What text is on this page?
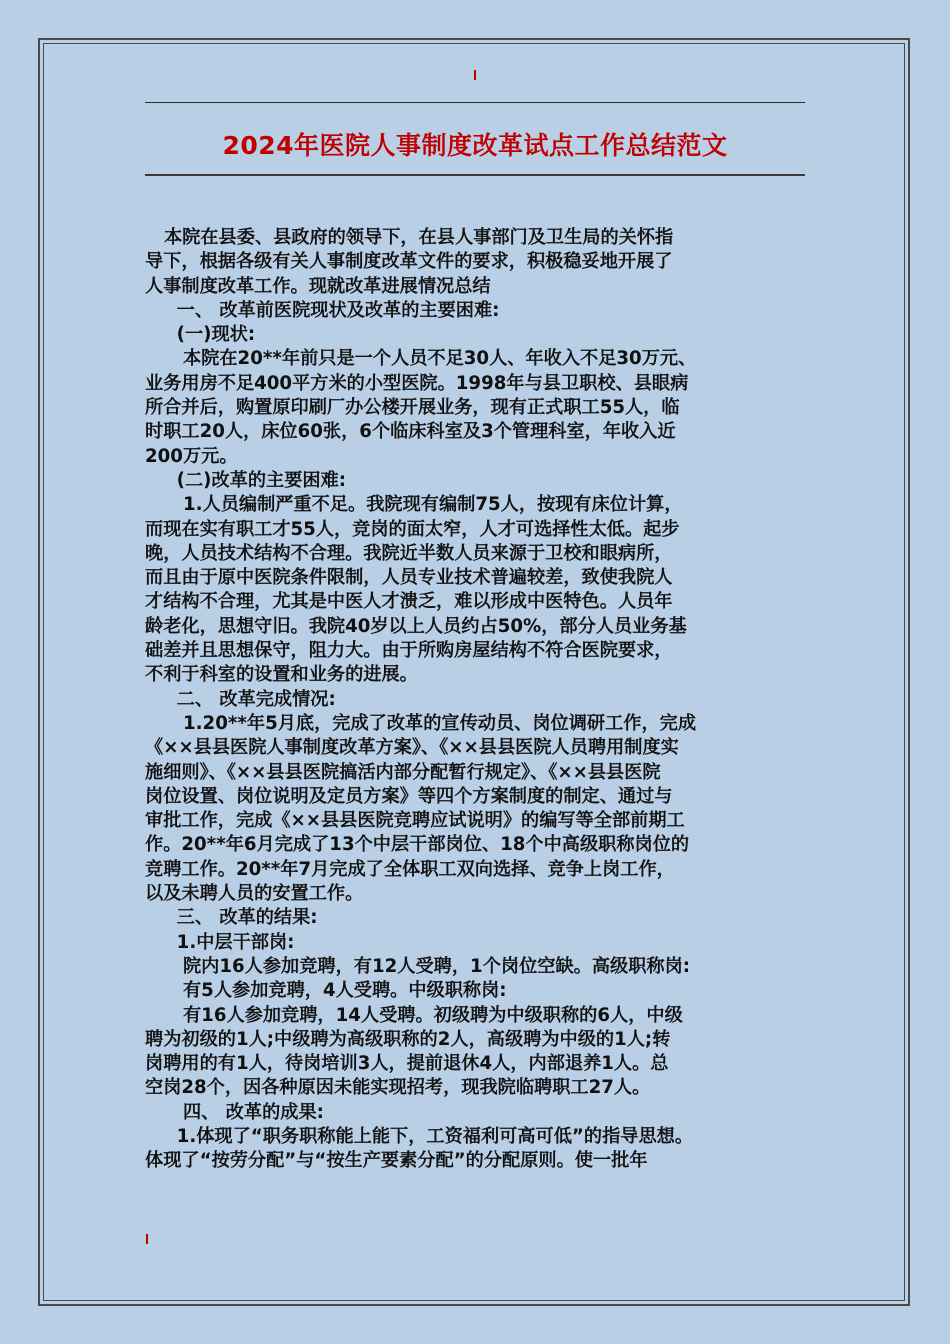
2024年医院人事制度改革试点工作总结范文
本院在县委、县政府的领导下，在县人事部门及卫生局的关怀指
导下，根据各级有关人事制度改革文件的要求，积极稳妥地开展了
人事制度改革工作。现就改革进展情况总结
一、 改革前医院现状及改革的主要困难:
(一)现状:
本院在20**年前只是一个人员不足30人、年收入不足30万元、
业务用房不足400平方米的小型医院。1998年与县卫职校、县眼病
所合并后，购置原印刷厂办公楼开展业务，现有正式职工55人，临
时职工20人，床位60张，6个临床科室及3个管理科室，年收入近
200万元。
(二)改革的主要困难:
1.人员编制严重不足。我院现有编制75人，按现有床位计算，
而现在实有职工才55人，竞岗的面太窄，人才可选择性太低。起步
晚，人员技术结构不合理。我院近半数人员来源于卫校和眼病所，
而且由于原中医院条件限制，人员专业技术普遍较差，致使我院人
才结构不合理，尤其是中医人才溃乏，难以形成中医特色。人员年
龄老化，思想守旧。我院40岁以上人员约占50%，部分人员业务基
础差并且思想保守，阻力大。由于所购房屋结构不符合医院要求，
不利于科室的设置和业务的进展。
二、 改革完成情况:
1.20**年5月底，完成了改革的宣传动员、岗位调研工作，完成
《××县县医院人事制度改革方案》、《××县县医院人员聘用制度实
施细则》、《××县县医院搞活内部分配暂行规定》、《××县县医院
岗位设置、岗位说明及定员方案》等四个方案制度的制定、通过与
审批工作，完成《××县县医院竞聘应试说明》的编写等全部前期工
作。20**年6月完成了13个中层干部岗位、18个中高级职称岗位的
竞聘工作。20**年7月完成了全体职工双向选择、竞争上岗工作，
以及未聘人员的安置工作。
三、 改革的结果:
1.中层干部岗:
院内16人参加竞聘，有12人受聘，1个岗位空缺。高级职称岗:
有5人参加竞聘，4人受聘。中级职称岗:
有16人参加竞聘，14人受聘。初级聘为中级职称的6人，中级
聘为初级的1人;中级聘为高级职称的2人，高级聘为中级的1人;转
岗聘用的有1人，待岗培训3人，提前退休4人，内部退养1人。总
空岗28个，因各种原因未能实现招考，现我院临聘职工27人。
四、 改革的成果:
1.体现了“职务职称能上能下，工资福利可高可低”的指导思想。
体现了“按劳分配”与“按生产要素分配”的分配原则。使一批年
